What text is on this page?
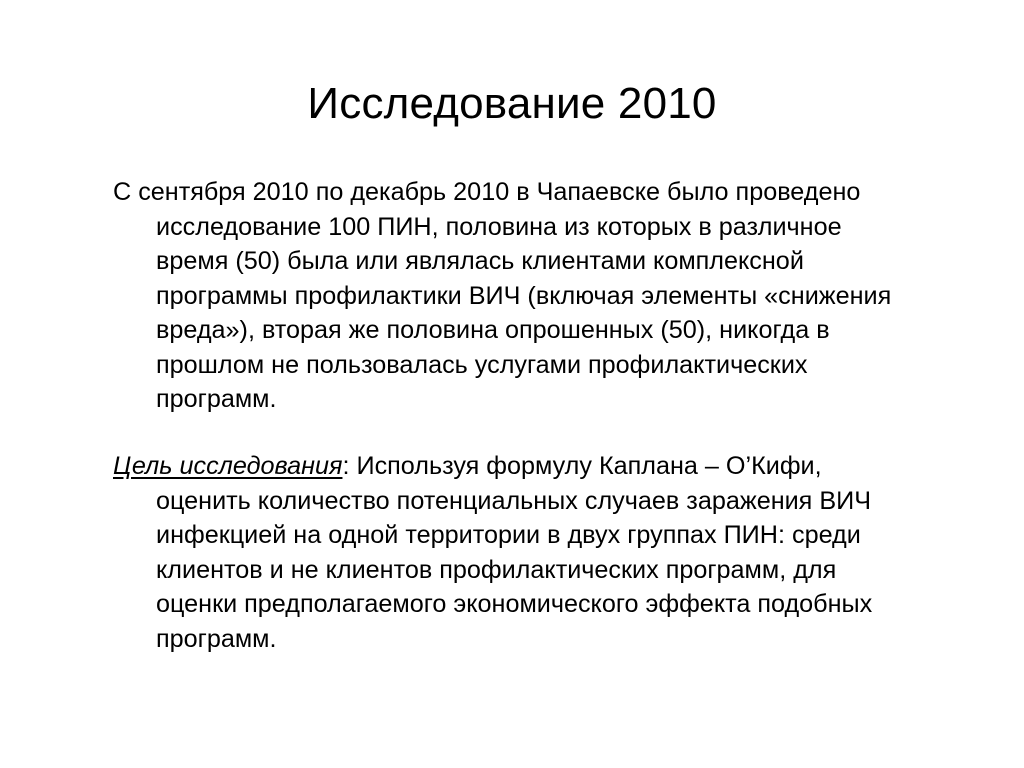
Исследование 2010
С сентября 2010 по декабрь 2010 в Чапаевске было проведено
исследование 100 ПИН, половина из которых в различное
время (50) была или являлась клиентами комплексной
программы профилактики ВИЧ (включая элементы «снижения
вреда»), вторая же половина опрошенных (50), никогда в
прошлом не пользовалась услугами профилактических
программ.
Цель исследования: Используя формулу Каплана – О’Кифи,
оценить количество потенциальных случаев заражения ВИЧ
инфекцией на одной территории в двух группах ПИН: среди
клиентов и не клиентов профилактических программ, для
оценки предполагаемого экономического эффекта подобных
программ.
